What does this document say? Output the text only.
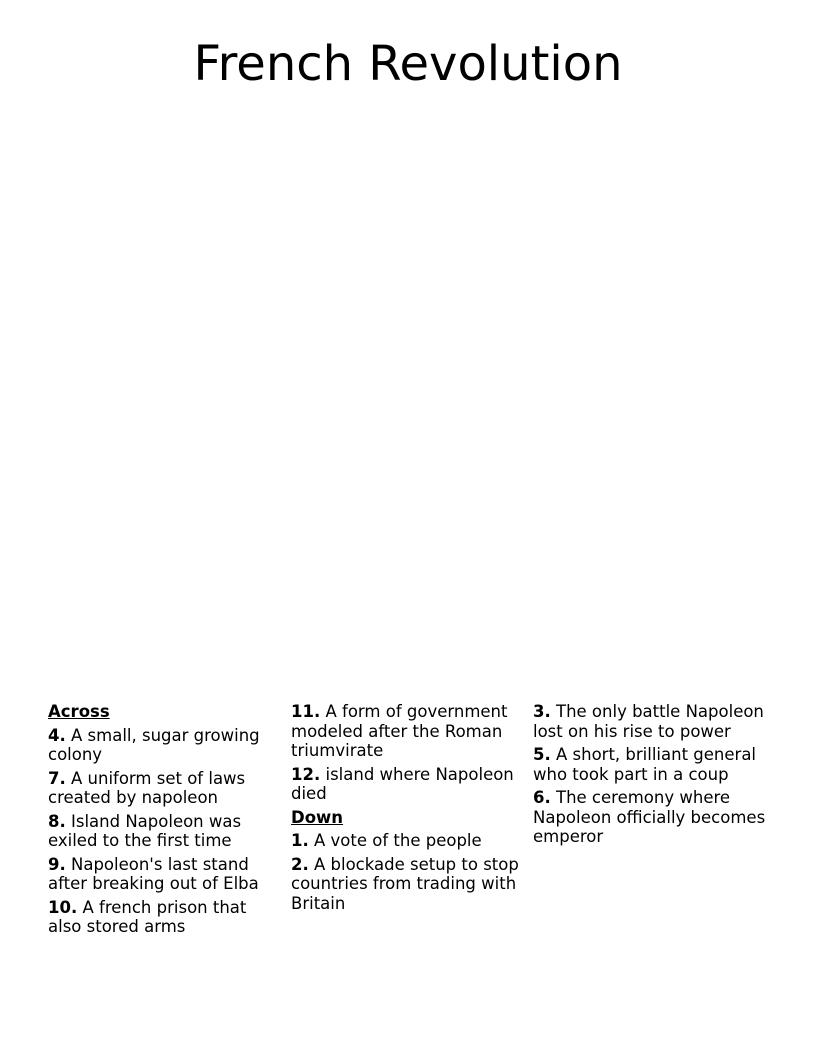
French Revolution
Across
4. A small, sugar growing colony
7. A uniform set of laws created by napoleon
8. Island Napoleon was exiled to the first time
9. Napoleon's last stand after breaking out of Elba
10. A french prison that also stored arms
11. A form of government modeled after the Roman triumvirate
12. island where Napoleon died
Down
1. A vote of the people
2. A blockade setup to stop countries from trading with Britain
3. The only battle Napoleon lost on his rise to power
5. A short, brilliant general who took part in a coup
6. The ceremony where Napoleon officially becomes emperor
